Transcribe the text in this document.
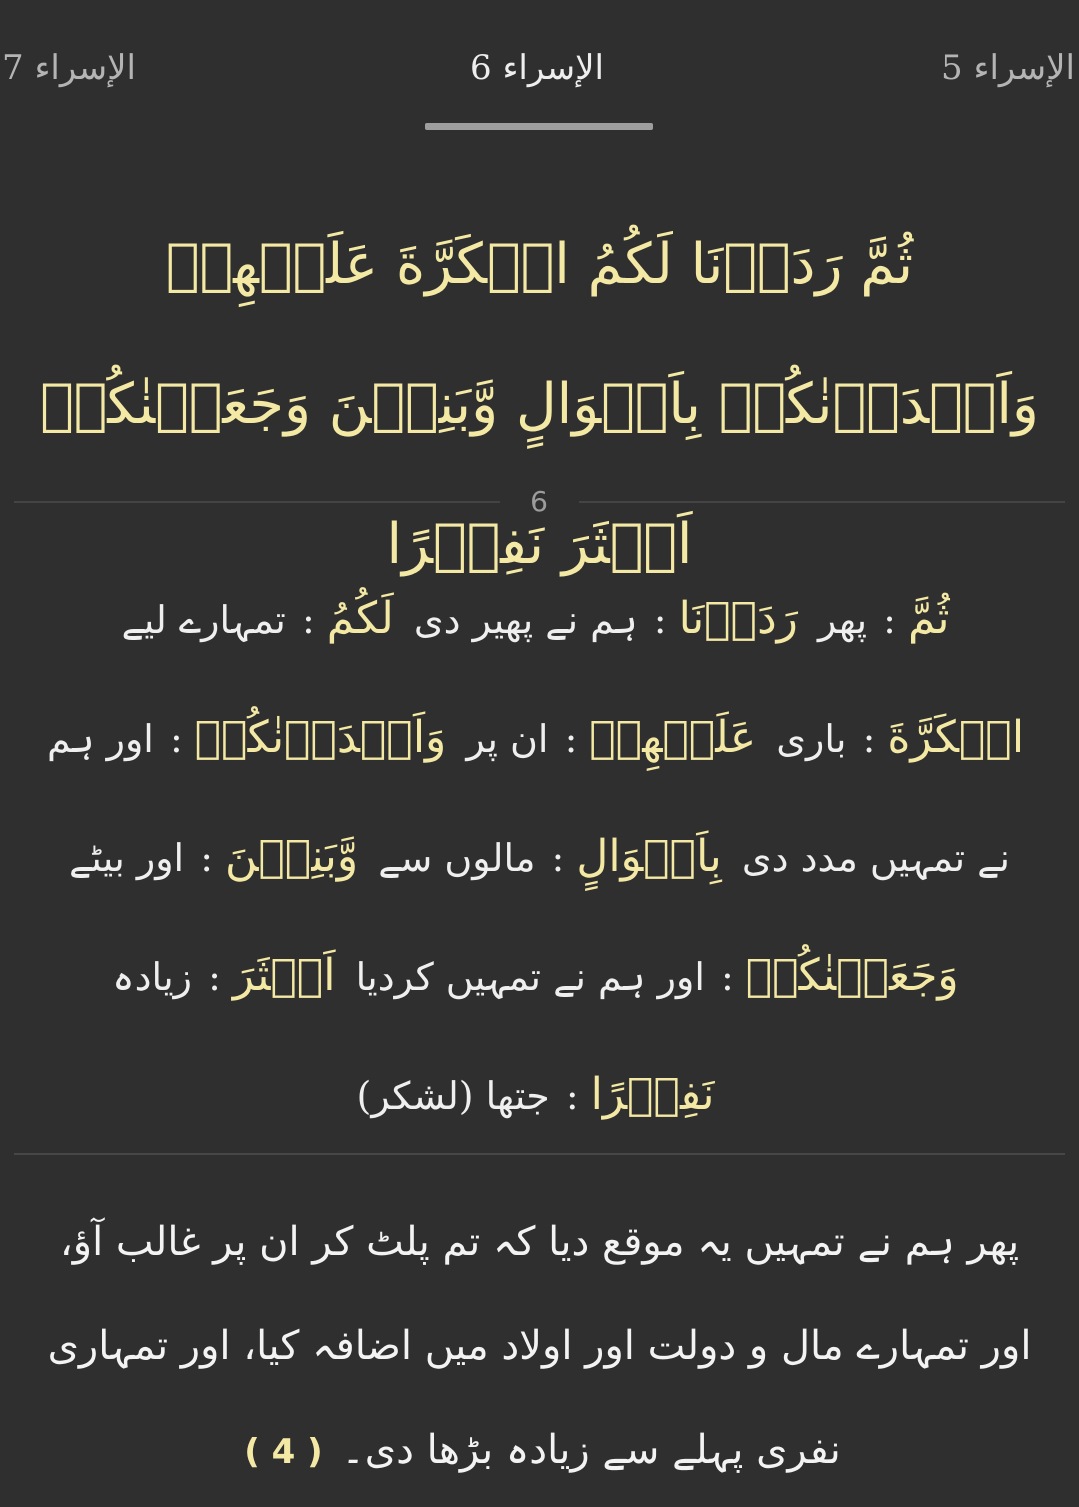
الإسراء 5
الإسراء 6
الإسراء 7
ثُمَّ رَدَدۡنَا لَكُمُ الۡكَرَّةَ عَلَيۡهِمۡ وَاَمۡدَدۡنٰكُمۡ بِاَمۡوَالٍ وَّبَنِيۡنَ وَجَعَلۡنٰكُمۡ اَكۡثَرَ نَفِيۡرًا
6
ثُمَّ: پھر رَدَدۡنَا: ہم نے پھیر دی لَكُمُ: تمہارے لیے الۡكَرَّةَ: باری عَلَيۡهِمۡ: ان پر وَاَمۡدَدۡنٰكُمۡ: اور ہم نے تمہیں مدد دی بِاَمۡوَالٍ: مالوں سے وَّبَنِيۡنَ: اور بیٹے وَجَعَلۡنٰكُمۡ: اور ہم نے تمہیں کردیا اَكۡثَرَ: زیادہ نَفِيۡرًا: جتھا (لشکر)
پھر ہم نے تمہیں یہ موقع دیا کہ تم پلٹ کر ان پر غالب آؤ، اور تمہارے مال و دولت اور اولاد میں اضافہ کیا، اور تمہاری نفری پہلے سے زیادہ بڑھا دی۔ ( 4 )
